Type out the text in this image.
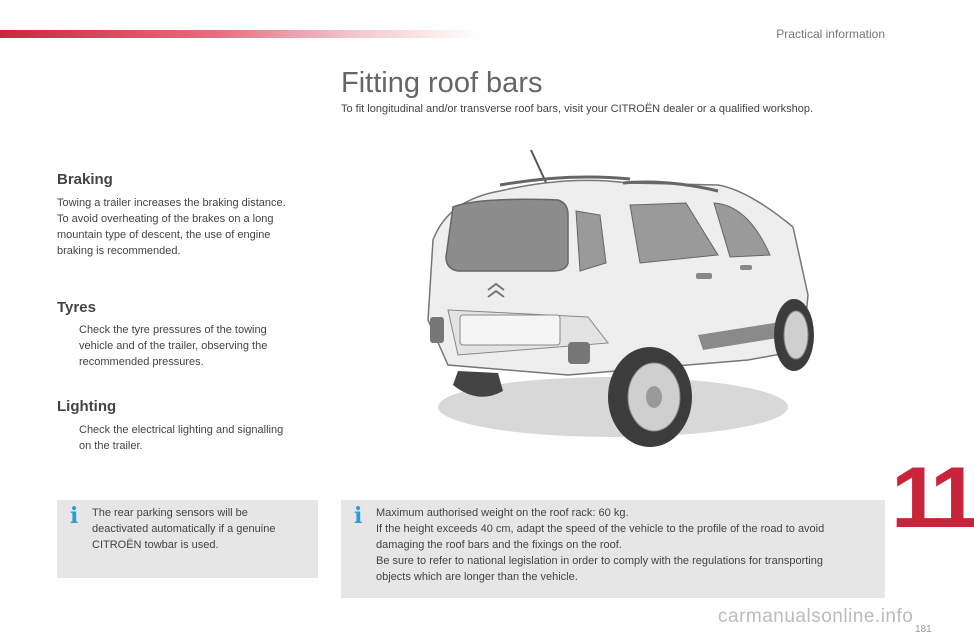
Practical information
11
181
Fitting roof bars
To fit longitudinal and/or transverse roof bars, visit your CITROËN dealer or a qualified workshop.
Braking
Towing a trailer increases the braking distance.
To avoid overheating of the brakes on a long
mountain type of descent, the use of engine
braking is recommended.
Tyres
Check the tyre pressures of the towing
vehicle and of the trailer, observing the
recommended pressures.
Lighting
Check the electrical lighting and signalling
on the trailer.
i The rear parking sensors will be

deactivated automatically if a genuine

CITROËN towbar is used.

i Maximum authorised weight on the roof rack: 60 kg.

If the height exceeds 40 cm, adapt the speed of the vehicle to the profile of the road to avoid

damaging the roof bars and the fixings on the roof.

Be sure to refer to national legislation in order to comply with the regulations for transporting

objects which are longer than the vehicle.

carmanualsonline.info
